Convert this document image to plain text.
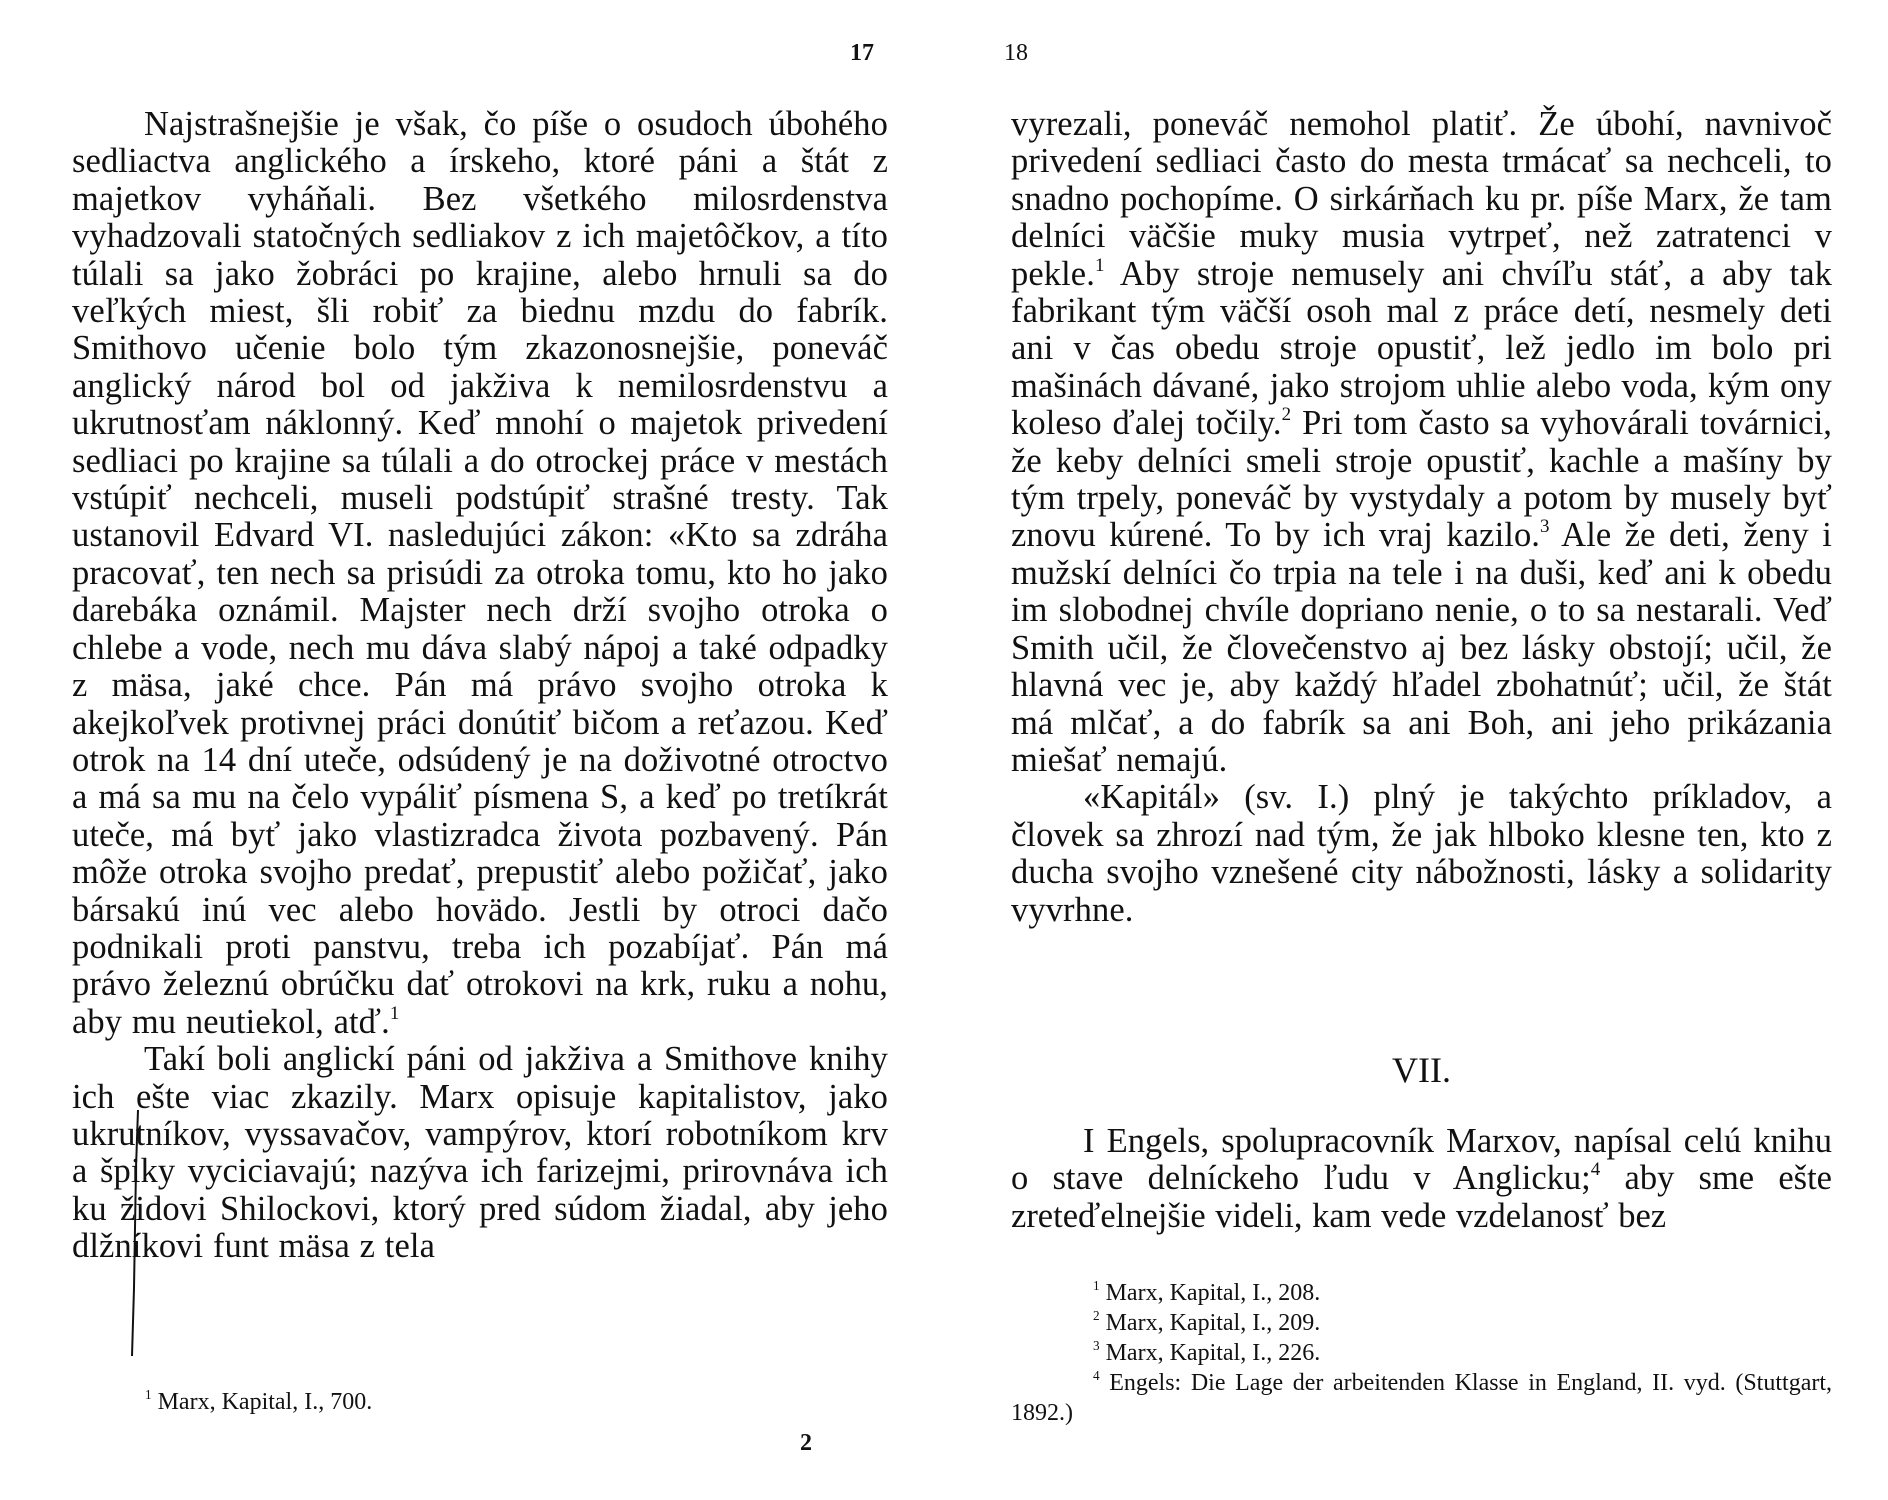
17

Najstrašnejšie je však, čo píše o osudoch úbohého sedliactva anglického a írskeho, ktoré páni a štát z majetkov vyháňali. Bez všetkého milosrdenstva vyhadzovali statočných sedliakov z ich majetôčkov, a títo túlali sa jako žobráci po krajine, alebo hrnuli sa do veľkých miest, šli robiť za biednu mzdu do fabrík. Smithovo učenie bolo tým zkazonosnejšie, poneváč anglický národ bol od jakživa k nemilosrdenstvu a ukrutnosťam náklonný. Keď mnohí o majetok privedení sedliaci po krajine sa túlali a do otrockej práce v mestách vstúpiť nechceli, museli podstúpiť strašné tresty. Tak ustanovil Edvard VI. nasledujúci zákon: «Kto sa zdráha pracovať, ten nech sa prisúdi za otroka tomu, kto ho jako darebáka oznámil. Majster nech drží svojho otroka o chlebe a vode, nech mu dáva slabý nápoj a také odpadky z mäsa, jaké chce. Pán má právo svojho otroka k akejkoľvek protivnej práci donútiť bičom a reťazou. Keď otrok na 14 dní uteče, odsúdený je na doživotné otroctvo a má sa mu na čelo vypáliť písmena S, a keď po tretíkrát uteče, má byť jako vlastizradca života pozbavený. Pán môže otroka svojho predať, prepustiť alebo požičať, jako bársakú inú vec alebo hovädo. Jestli by otroci dačo podnikali proti panstvu, treba ich pozabíjať. Pán má právo železnú obrúčku dať otrokovi na krk, ruku a nohu, aby mu neutiekol, atď.$^1$

Takí boli anglickí páni od jakživa a Smithove knihy ich ešte viac zkazily. Marx opisuje kapitalistov, jako ukrutníkov, vyssavačov, vampýrov, ktorí robotníkom krv a špiky vyciciavajú; nazýva ich farizejmi, prirovnáva ich ku židovi Shilockovi, ktorý pred súdom žiadal, aby jeho dlžníkovi funt mäsa z tela

$^1$ Marx, Kapital, I., 700.

2
18

vyrezali, poneváč nemohol platiť. Že úbohí, navnivoč privedení sedliaci často do mesta trmácať sa nechceli, to snadno pochopíme. O sirkárňach ku pr. píše Marx, že tam delníci väčšie muky musia vytrpeť, než zatratenci v pekle.$^1$ Aby stroje nemusely ani chvíľu stáť, a aby tak fabrikant tým väčší osoh mal z práce detí, nesmely deti ani v čas obedu stroje opustiť, lež jedlo im bolo pri mašinách dávané, jako strojom uhlie alebo voda, kým ony koleso ďalej točily.$^2$ Pri tom často sa vyhovárali továrnici, že keby delníci smeli stroje opustiť, kachle a mašíny by tým trpely, poneváč by vystydaly a potom by musely byť znovu kúrené. To by ich vraj kazilo.$^3$ Ale že deti, ženy i mužskí delníci čo trpia na tele i na duši, keď ani k obedu im slobodnej chvíle dopriano nenie, o to sa nestarali. Veď Smith učil, že človečenstvo aj bez lásky obstojí; učil, že hlavná vec je, aby každý hľadel zbohatnúť; učil, že štát má mlčať, a do fabrík sa ani Boh, ani jeho prikázania miešať nemajú.

«Kapitál» (sv. I.) plný je takýchto príkladov, a človek sa zhrozí nad tým, že jak hlboko klesne ten, kto z ducha svojho vznešené city nábožnosti, lásky a solidarity vyvrhne.

VII.

I Engels, spolupracovník Marxov, napísal celú knihu o stave delníckeho ľudu v Anglicku;$^4$ aby sme ešte zreteďelnejšie videli, kam vede vzdelanosť bez

$^1$ Marx, Kapital, I., 208.

$^2$ Marx, Kapital, I., 209.

$^3$ Marx, Kapital, I., 226.

$^4$ Engels: Die Lage der arbeitenden Klasse in England, II. vyd. (Stuttgart, 1892.)
